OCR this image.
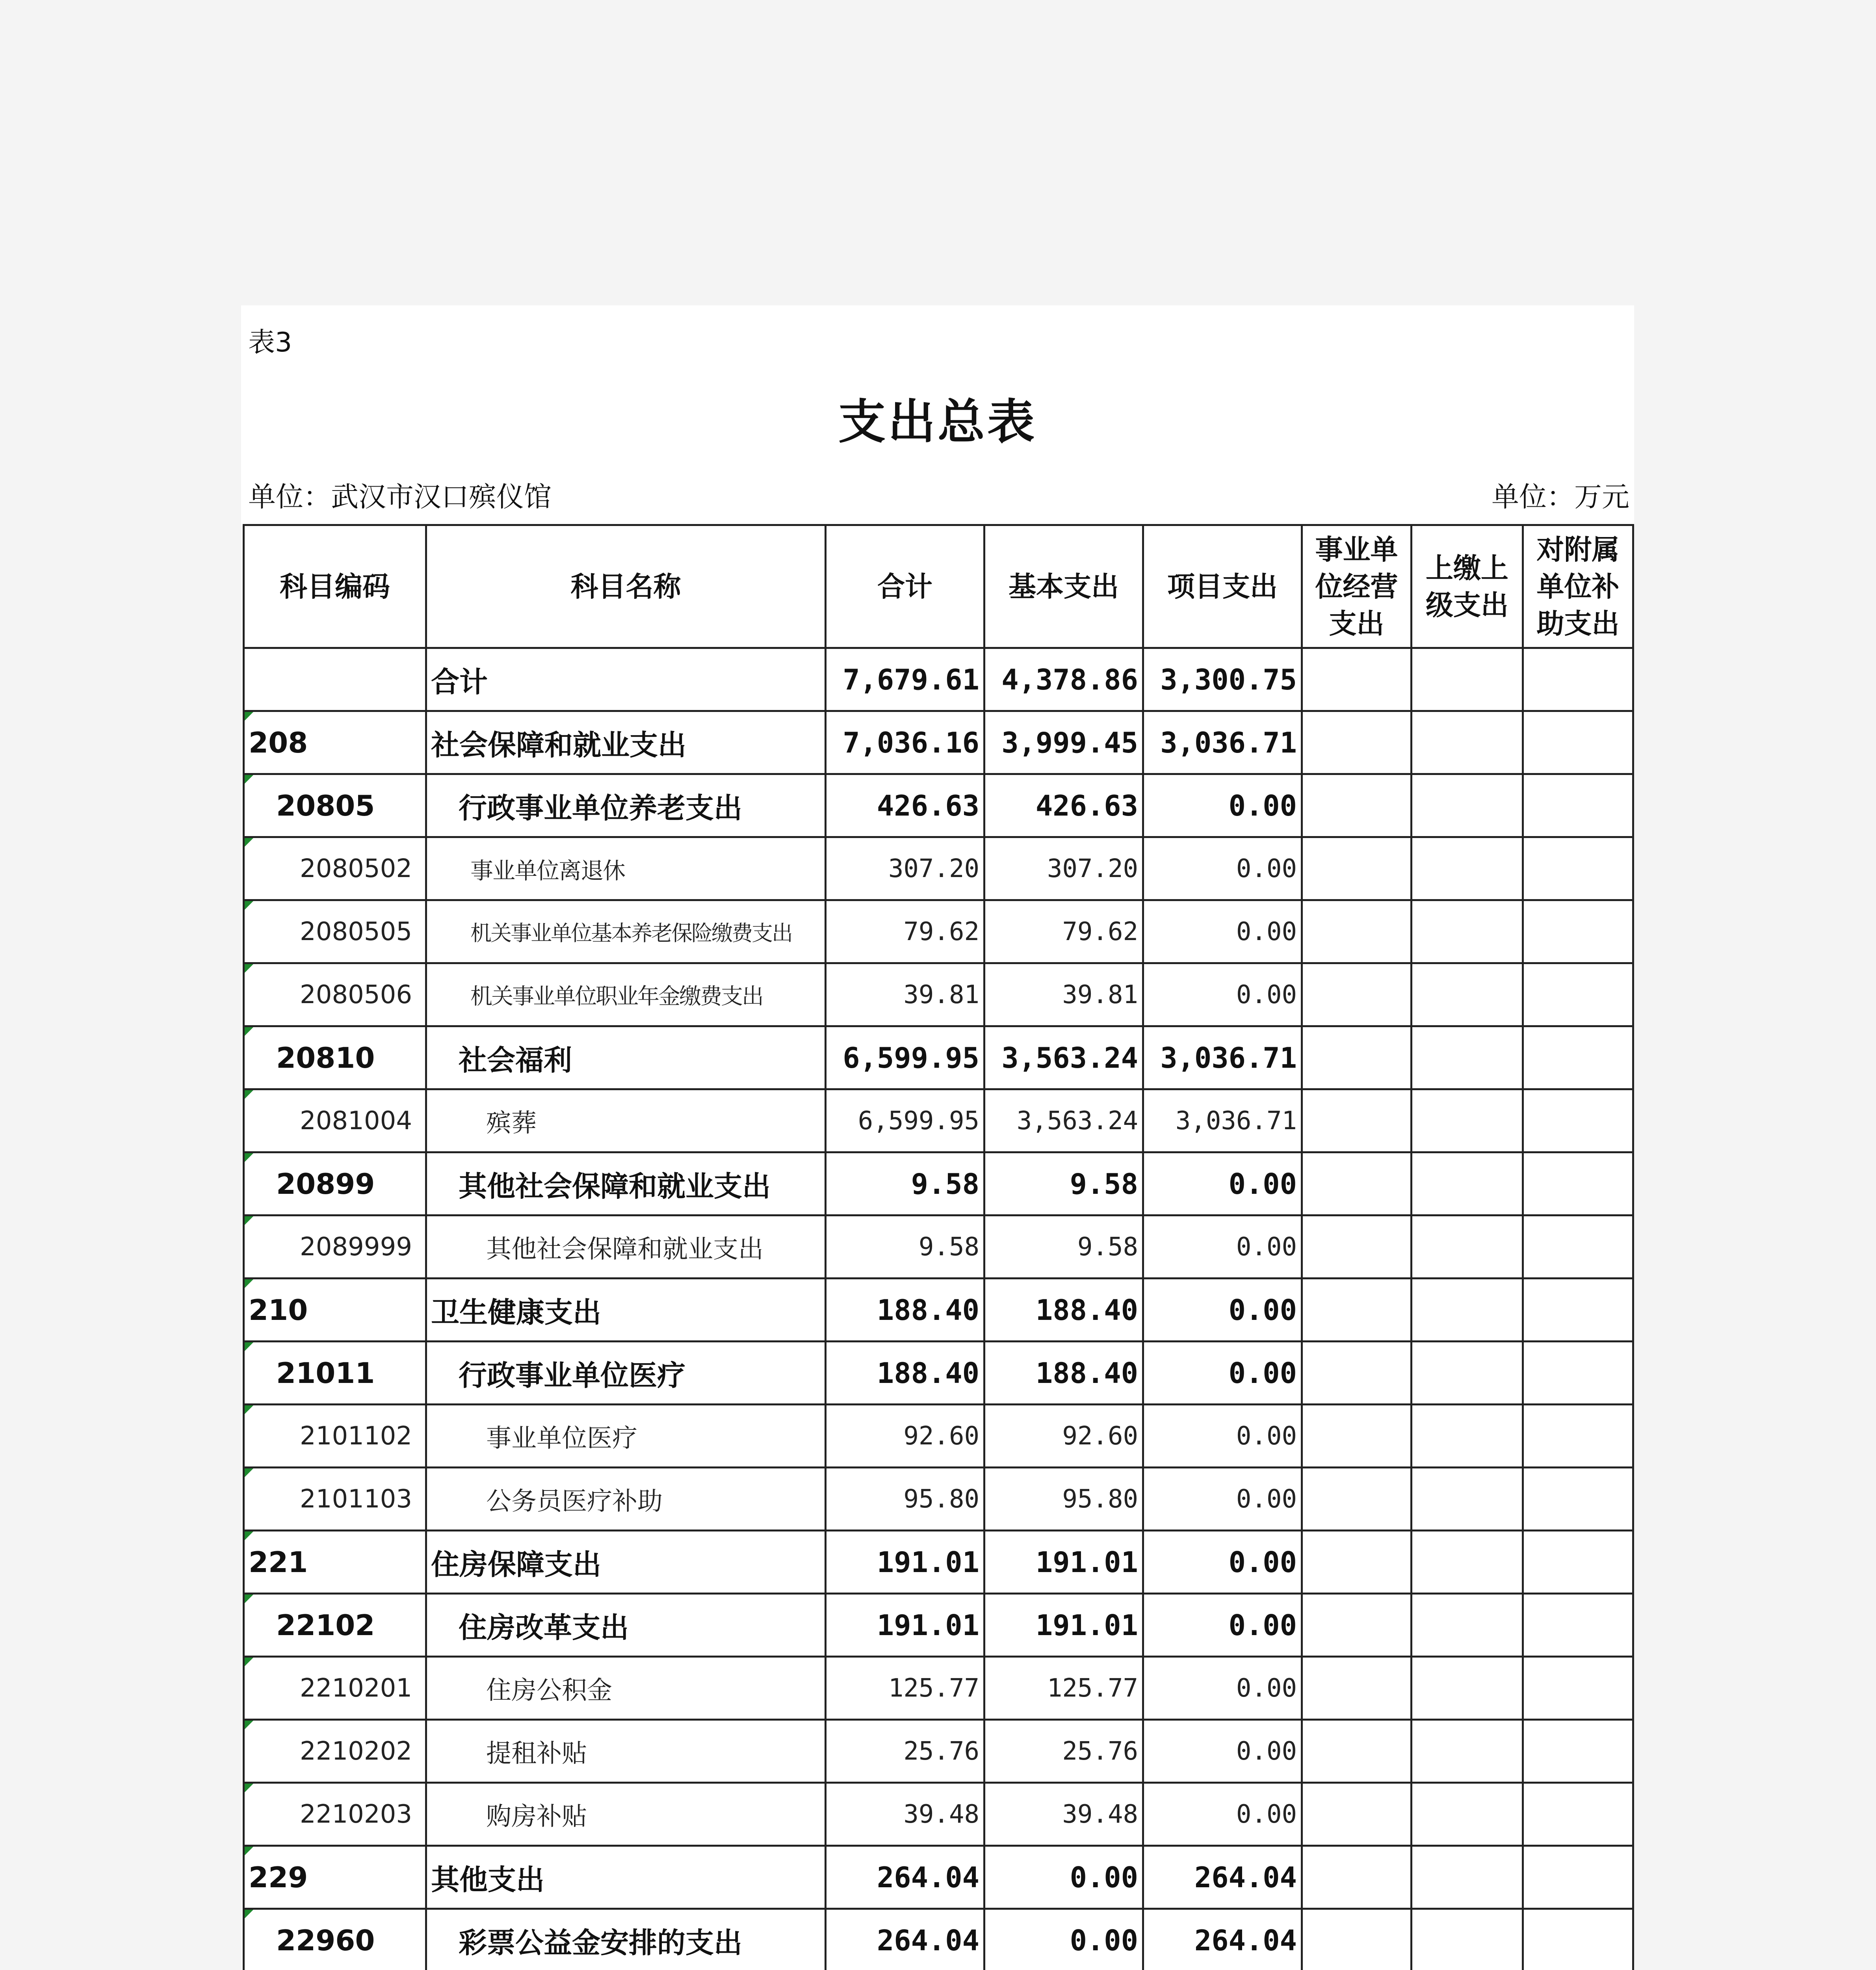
表3
支出总表
单位：武汉市汉口殡仪馆	单位：万元
科目编码	科目名称	合计	基本支出	项目支出	事业单位经营支出	上缴上级支出	对附属单位补助支出
	合计	7,679.61	4,378.86	3,300.75			

208	社会保障和就业支出	7,036.16	3,999.45	3,036.71			

20805	行政事业单位养老支出	426.63	426.63	0.00			

2080502	事业单位离退休	307.20	307.20	0.00			

2080505	机关事业单位基本养老保险缴费支出	79.62	79.62	0.00			

2080506	机关事业单位职业年金缴费支出	39.81	39.81	0.00			

20810	社会福利	6,599.95	3,563.24	3,036.71			

2081004	殡葬	6,599.95	3,563.24	3,036.71			

20899	其他社会保障和就业支出	9.58	9.58	0.00			

2089999	其他社会保障和就业支出	9.58	9.58	0.00			

210	卫生健康支出	188.40	188.40	0.00			

21011	行政事业单位医疗	188.40	188.40	0.00			

2101102	事业单位医疗	92.60	92.60	0.00			

2101103	公务员医疗补助	95.80	95.80	0.00			

221	住房保障支出	191.01	191.01	0.00			

22102	住房改革支出	191.01	191.01	0.00			

2210201	住房公积金	125.77	125.77	0.00			

2210202	提租补贴	25.76	25.76	0.00			

2210203	购房补贴	39.48	39.48	0.00			

229	其他支出	264.04	0.00	264.04			

22960	彩票公益金安排的支出	264.04	0.00	264.04			
